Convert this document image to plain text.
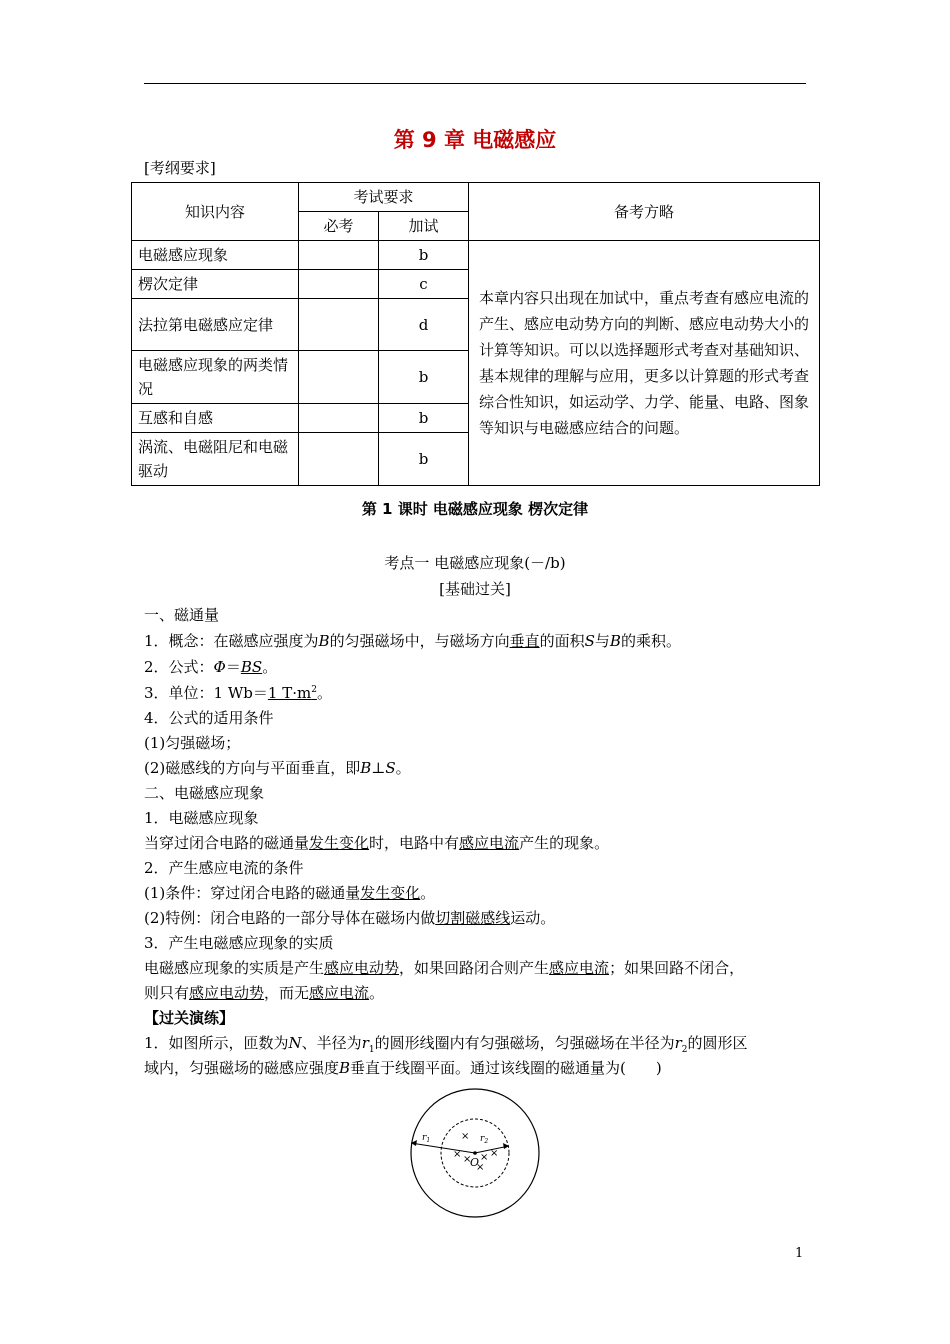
第 9 章 电磁感应
[考纲要求]
知识内容	考试要求		备考方略
	必考	加试	
电磁感应现象		b	本章内容只出现在加试中，重点考查有感应电流的产生、感应电动势方向的判断、感应电动势大小的计算等知识。可以以选择题形式考查对基础知识、基本规律的理解与应用，更多以计算题的形式考查综合性知识，如运动学、力学、能量、电路、图象等知识与电磁感应结合的问题。
楞次定律		c	
法拉第电磁感应定律		d	
电磁感应现象的两类情况		b	
互感和自感		b	
涡流、电磁阻尼和电磁驱动		b	
第 1 课时 电磁感应现象 楞次定律
考点一 电磁感应现象(－/b)
[基础过关]
一、磁通量
1．概念：在磁感应强度为B的匀强磁场中，与磁场方向垂直的面积S与B的乘积。
2．公式：Φ＝BS。
3．单位：1 Wb＝1 $T\cdot m^2$。
4．公式的适用条件
(1)匀强磁场；
(2)磁感线的方向与平面垂直，即B⊥S。
二、电磁感应现象
1．电磁感应现象
当穿过闭合电路的磁通量发生变化时，电路中有感应电流产生的现象。
2．产生感应电流的条件
(1)条件：穿过闭合电路的磁通量发生变化。
(2)特例：闭合电路的一部分导体在磁场内做切割磁感线运动。
3．产生电磁感应现象的实质
电磁感应现象的实质是产生感应电动势，如果回路闭合则产生感应电流；如果回路不闭合，
则只有感应电动势，而无感应电流。
【过关演练】
1．如图所示，匝数为N、半径为$r_1$的圆形线圈内有匀强磁场，匀强磁场在半径为$r_2$的圆形区
域内，匀强磁场的磁感应强度B垂直于线圈平面。通过该线圈的磁通量为(　　)
$r_1$	$r_2$
O
×
× × × ×
×
1
